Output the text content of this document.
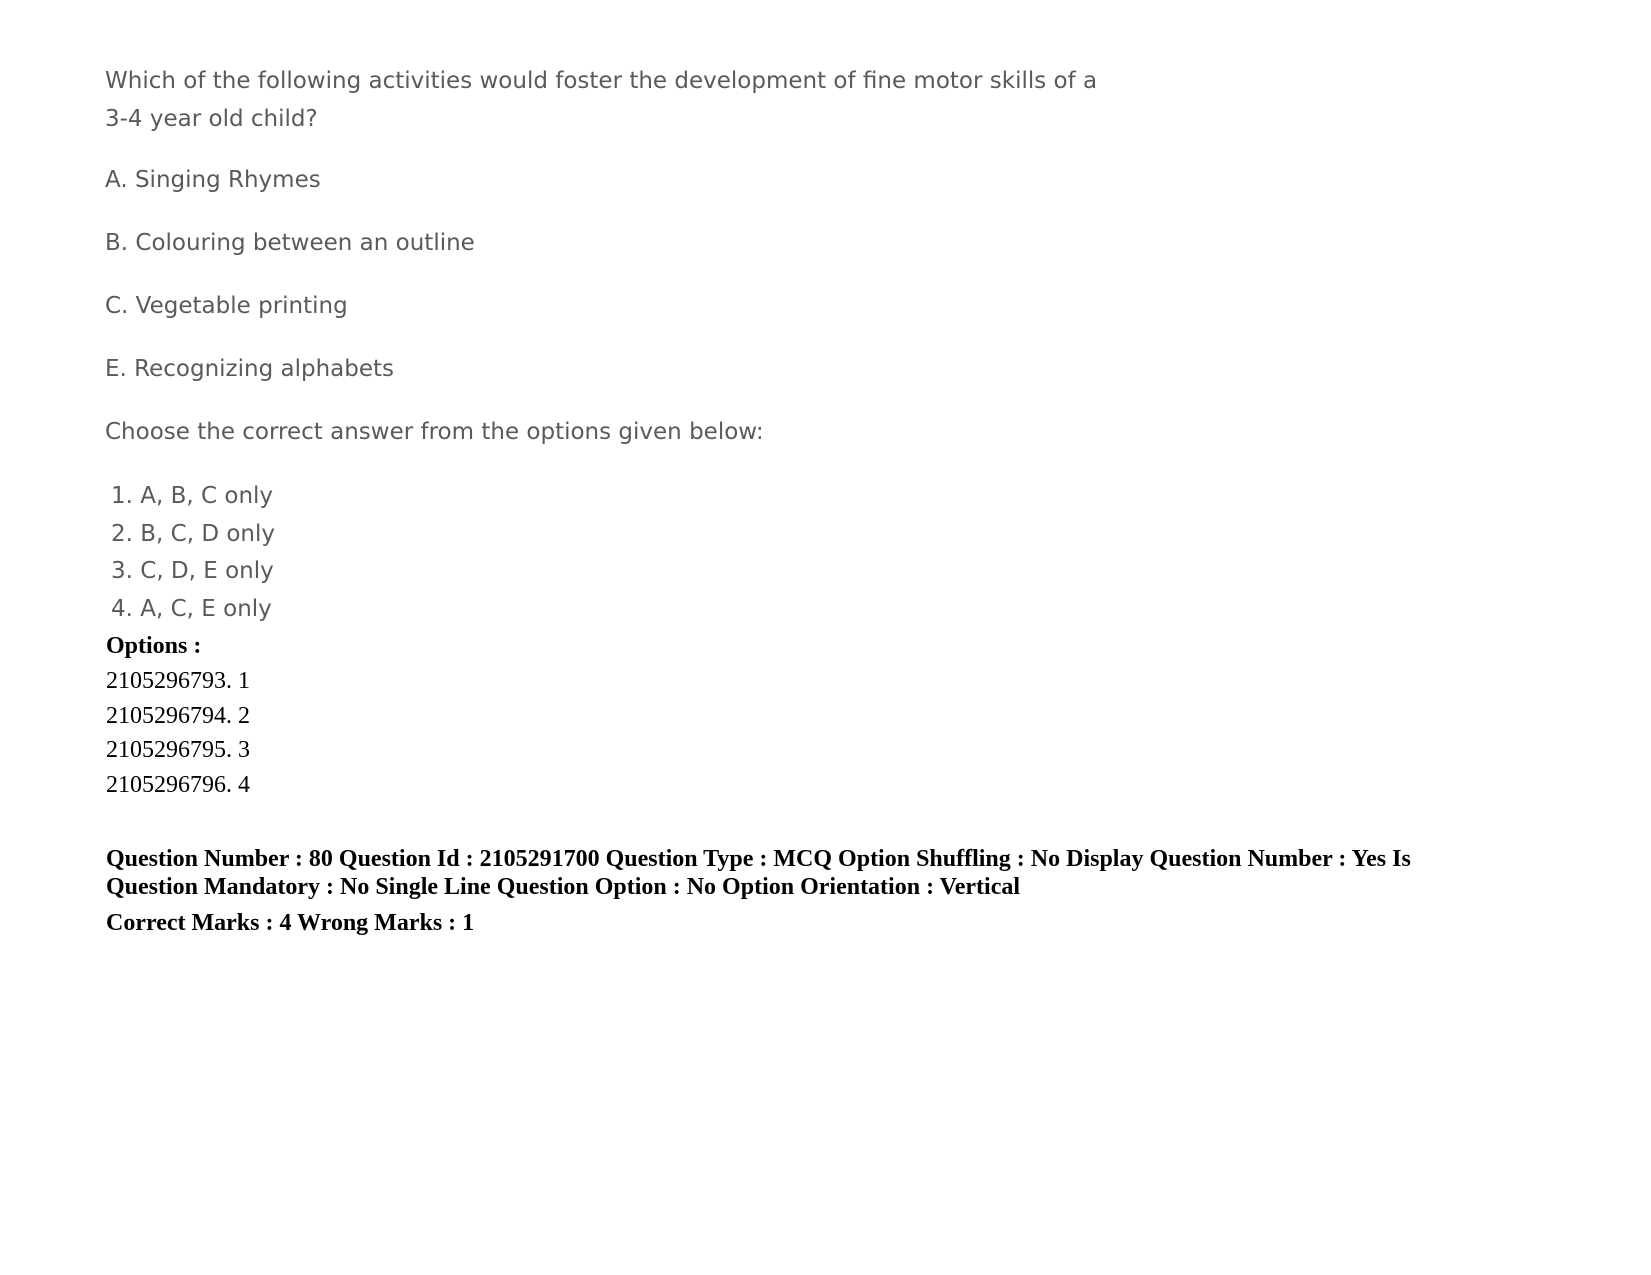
Which of the following activities would foster the development of fine motor skills of a 3-4 year old child?

A. Singing Rhymes

B. Colouring between an outline

C. Vegetable printing

E. Recognizing alphabets

Choose the correct answer from the options given below:

1. A, B, C only
2. B, C, D only
3. C, D, E only
4. A, C, E only

Options :

2105296793. 1
2105296794. 2
2105296795. 3
2105296796. 4

Question Number : 80 Question Id : 2105291700 Question Type : MCQ Option Shuffling : No Display Question Number : Yes Is Question Mandatory : No Single Line Question Option : No Option Orientation : Vertical

Correct Marks : 4 Wrong Marks : 1
